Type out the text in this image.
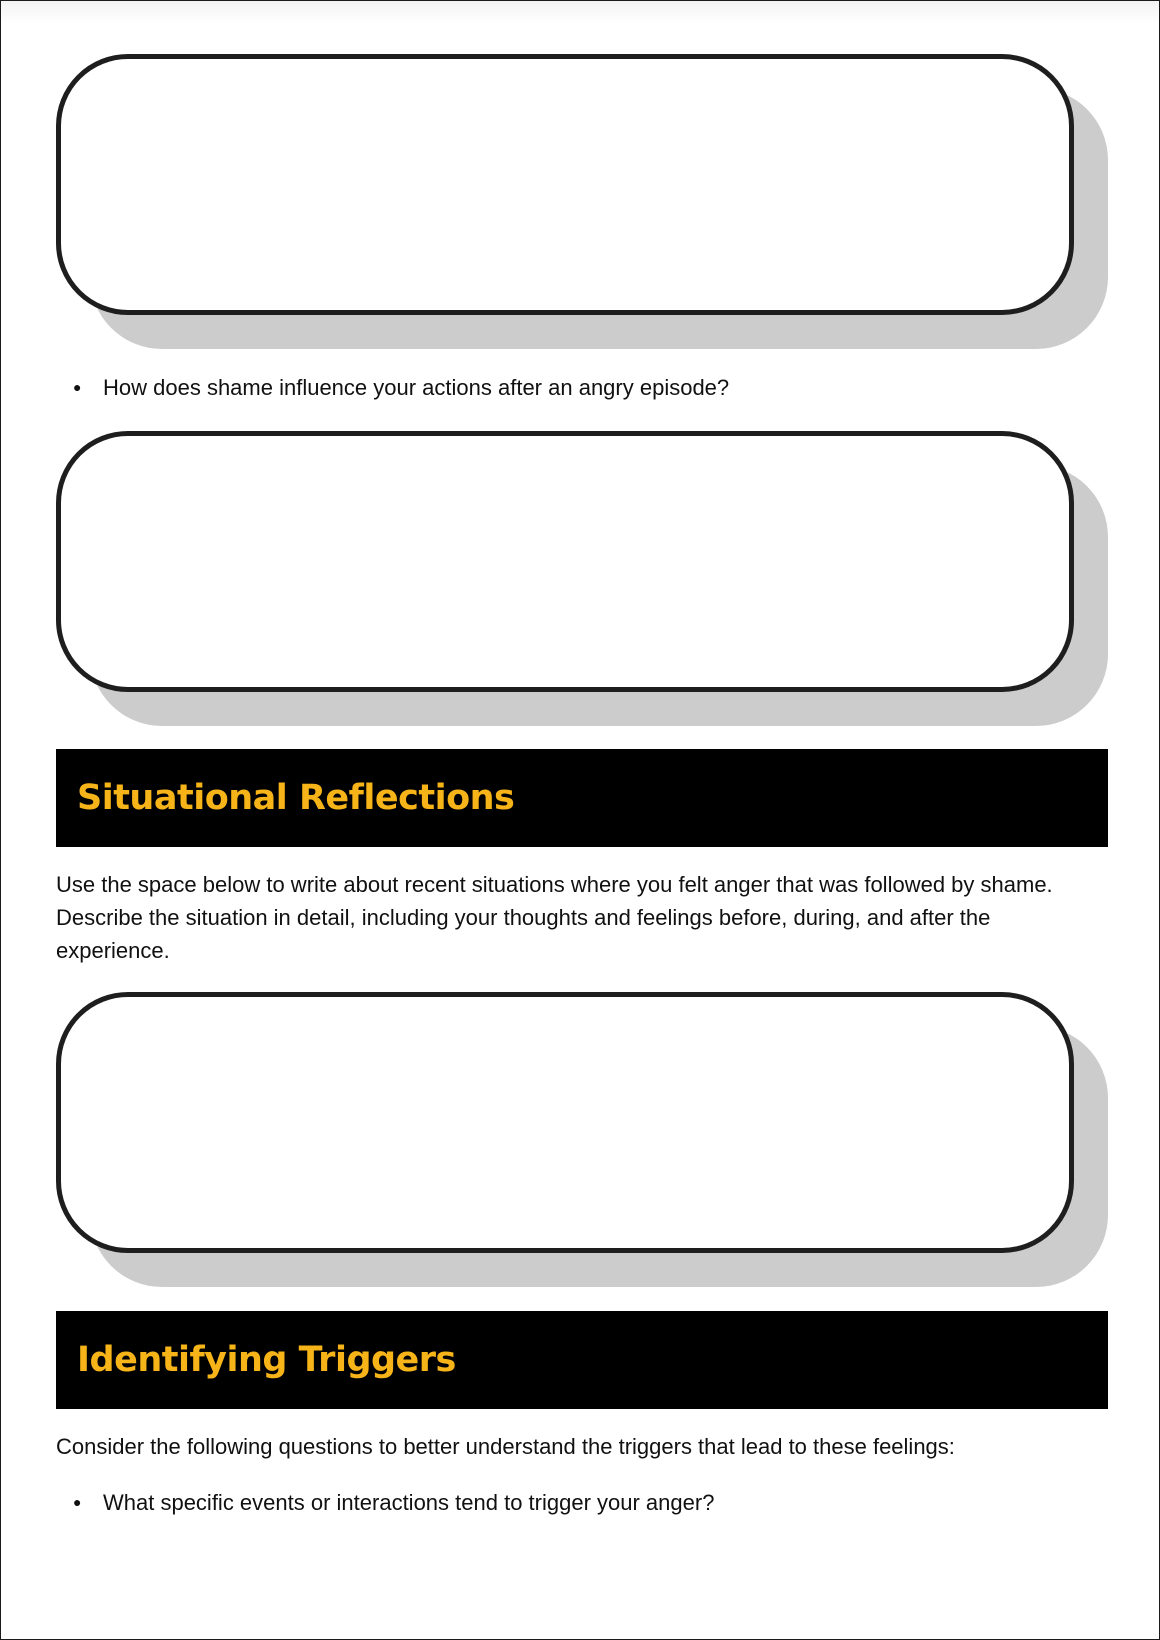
● How does shame influence your actions after an angry episode?
Situational Reflections
Use the space below to write about recent situations where you felt anger that was followed by shame. Describe the situation in detail, including your thoughts and feelings before, during, and after the experience.
Identifying Triggers
Consider the following questions to better understand the triggers that lead to these feelings:
● What specific events or interactions tend to trigger your anger?
